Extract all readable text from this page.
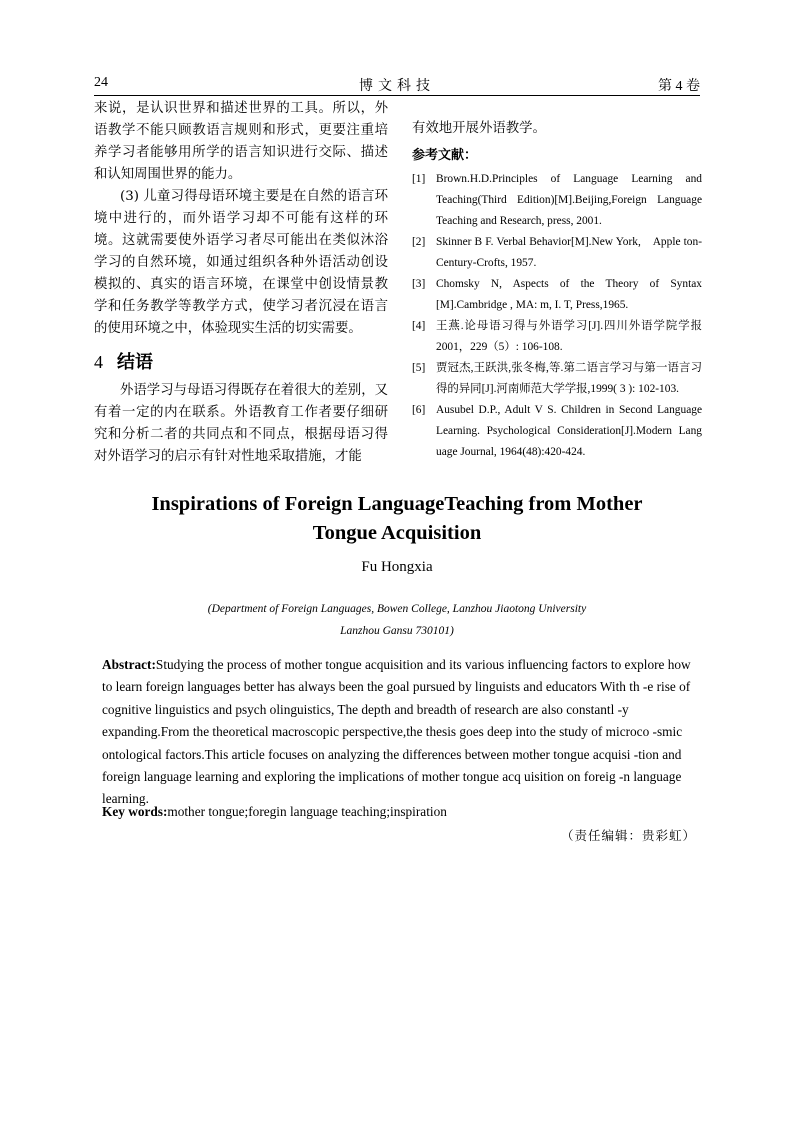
24	博文科技	第 4 卷

来说，是认识世界和描述世界的工具。所以，外语教学不能只顾教语言规则和形式，更要注重培养学习者能够用所学的语言知识进行交际、描述和认知周围世界的能力。

(3) 儿童习得母语环境主要是在自然的语言环境中进行的，而外语学习却不可能有这样的环境。这就需要使外语学习者尽可能出在类似沐浴学习的自然环境，如通过组织各种外语活动创设模拟的、真实的语言环境，在课堂中创设情景教学和任务教学等教学方式，使学习者沉浸在语言的使用环境之中，体验现实生活的切实需要。

4 结语

外语学习与母语习得既存在着很大的差别，又有着一定的内在联系。外语教育工作者要仔细研究和分析二者的共同点和不同点，根据母语习得对外语学习的启示有针对性地采取措施，才能

有效地开展外语教学。

参考文献：
[1] Brown.H.D.Principles of Language Learning and Teaching(Third Edition)[M].Beijing,Foreign Language Teaching and Research, press, 2001.
[2] Skinner B F. Verbal Behavior[M].New York,　Apple ton-Century-Crofts, 1957.
[3] Chomsky N, Aspects of the Theory of Syntax [M].Cambridge , MA: m, I. T, Press,1965.
[4] 王燕.论母语习得与外语学习[J].四川外语学院学报 2001，229（5）: 106-108.
[5] 贾冠杰,王跃洪,张冬梅,等.第二语言学习与第一语言习得的异同[J].河南师范大学学报,1999( 3 ): 102-103.
[6] Ausubel D.P., Adult V S. Children in Second Language Learning. Psychological Consideration[J].Modern Lang uage Journal, 1964(48):420-424.
Inspirations of Foreign LanguageTeaching from Mother
Tongue Acquisition
Fu Hongxia
(Department of Foreign Languages, Bowen College, Lanzhou Jiaotong University
Lanzhou Gansu 730101)
Abstract:Studying the process of mother tongue acquisition and its various influencing factors to explore how to learn foreign languages better has always been the goal pursued by linguists and educators With th -e rise of cognitive linguistics and psych olinguistics, The depth and breadth of research are also constantl -y expanding.From the theoretical macroscopic perspective,the thesis goes deep into the study of microco -smic ontological factors.This article focuses on analyzing the differences between mother tongue acquisi -tion and foreign language learning and exploring the implications of mother tongue acq uisition on foreig -n language learning.
Key words:mother tongue;foregin language teaching;inspiration
（责任编辑：贵彩虹）
